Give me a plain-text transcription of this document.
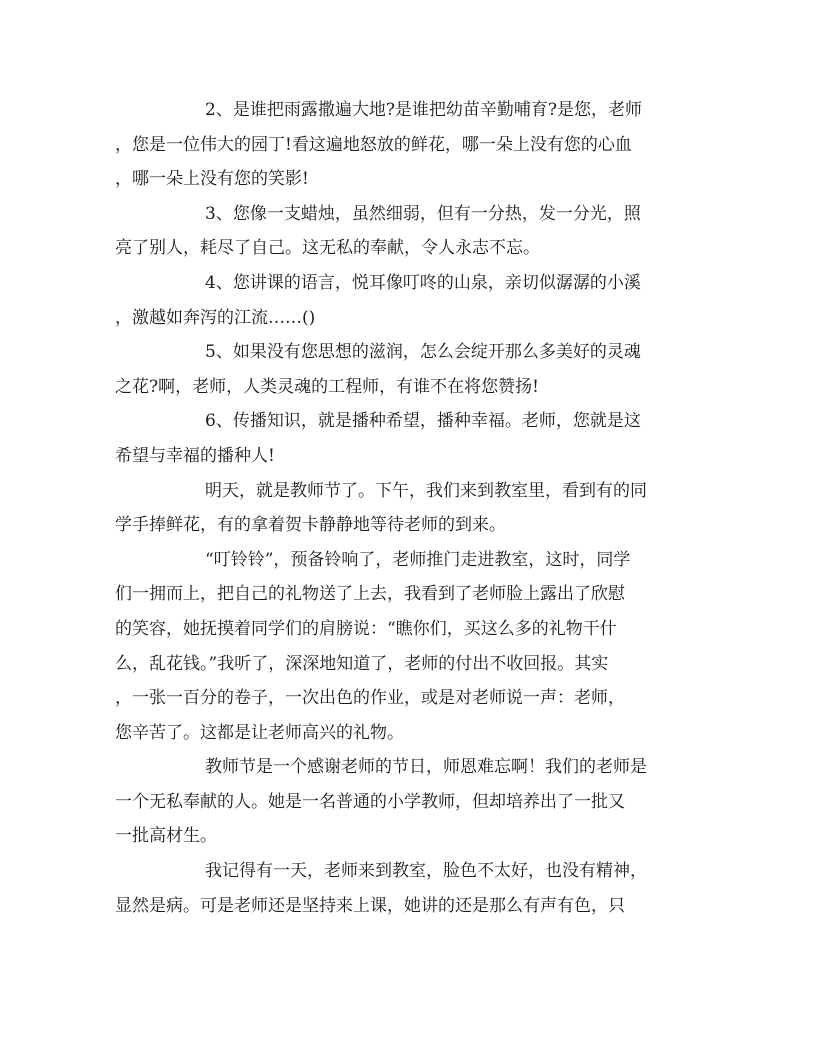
2、是谁把雨露撒遍大地?是谁把幼苗辛勤哺育?是您，老师
，您是一位伟大的园丁!看这遍地怒放的鲜花，哪一朵上没有您的心血
，哪一朵上没有您的笑影!
3、您像一支蜡烛，虽然细弱，但有一分热，发一分光，照
亮了别人，耗尽了自己。这无私的奉献，令人永志不忘。
4、您讲课的语言，悦耳像叮咚的山泉，亲切似潺潺的小溪
，激越如奔泻的江流……()
5、如果没有您思想的滋润，怎么会绽开那么多美好的灵魂
之花?啊，老师，人类灵魂的工程师，有谁不在将您赞扬!
6、传播知识，就是播种希望，播种幸福。老师，您就是这
希望与幸福的播种人!
明天，就是教师节了。下午，我们来到教室里，看到有的同
学手捧鲜花，有的拿着贺卡静静地等待老师的到来。
“叮铃铃”，预备铃响了，老师推门走进教室，这时，同学
们一拥而上，把自己的礼物送了上去，我看到了老师脸上露出了欣慰
的笑容，她抚摸着同学们的肩膀说：“瞧你们，买这么多的礼物干什
么，乱花钱。”我听了，深深地知道了，老师的付出不收回报。其实
，一张一百分的卷子，一次出色的作业，或是对老师说一声：老师，
您辛苦了。这都是让老师高兴的礼物。
教师节是一个感谢老师的节日，师恩难忘啊！我们的老师是
一个无私奉献的人。她是一名普通的小学教师，但却培养出了一批又
一批高材生。
我记得有一天，老师来到教室，脸色不太好，也没有精神，
显然是病。可是老师还是坚持来上课，她讲的还是那么有声有色，只
